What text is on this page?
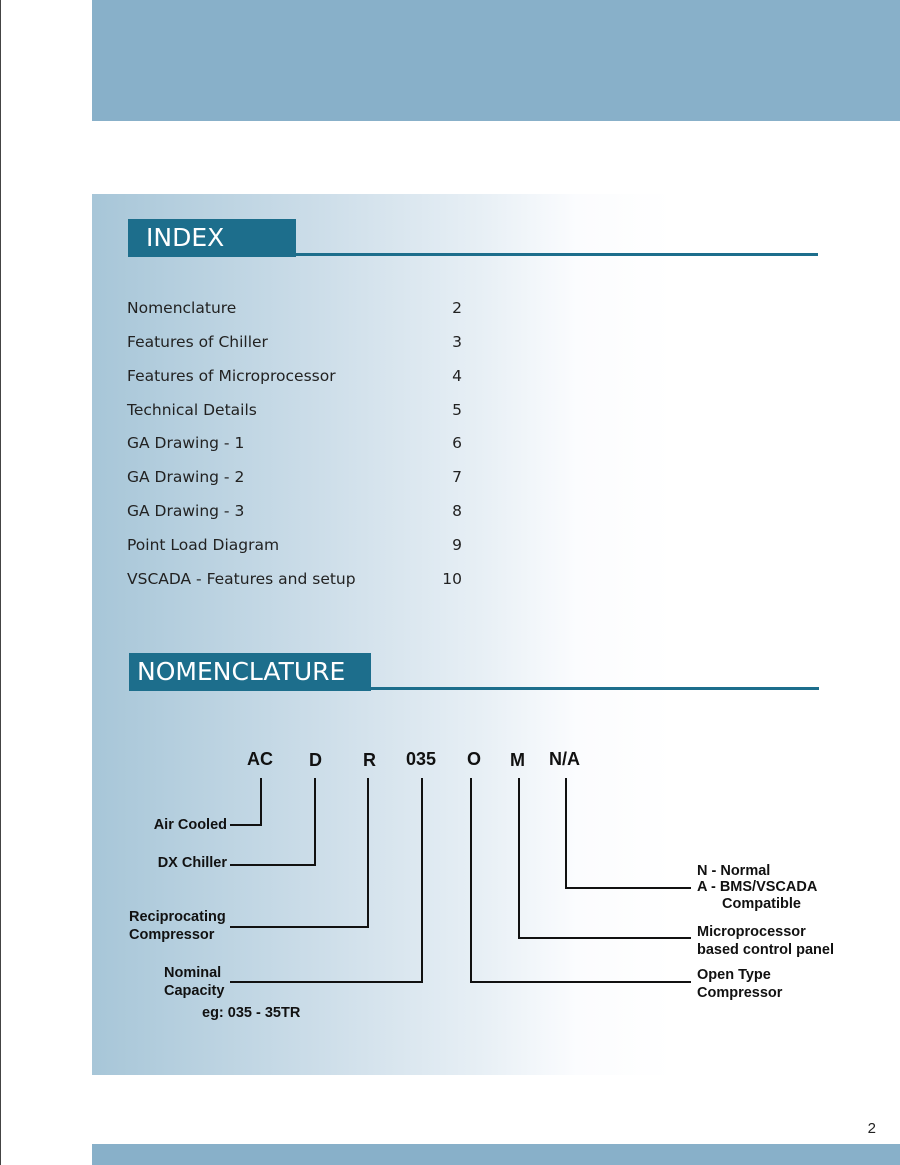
INDEX
Nomenclature	2
Features of Chiller	3
Features of Microprocessor	4
Technical Details	5
GA Drawing - 1	6
GA Drawing - 2	7
GA Drawing - 3	8
Point Load Diagram	9
VSCADA - Features and setup	10
NOMENCLATURE
AC D R 035 O M N/A
Air Cooled
DX Chiller
Reciprocating
Compressor
Nominal
Capacity
eg: 035 - 35TR
N - Normal
A - BMS/VSCADA
Compatible
Microprocessor
based control panel
Open Type
Compressor
2
